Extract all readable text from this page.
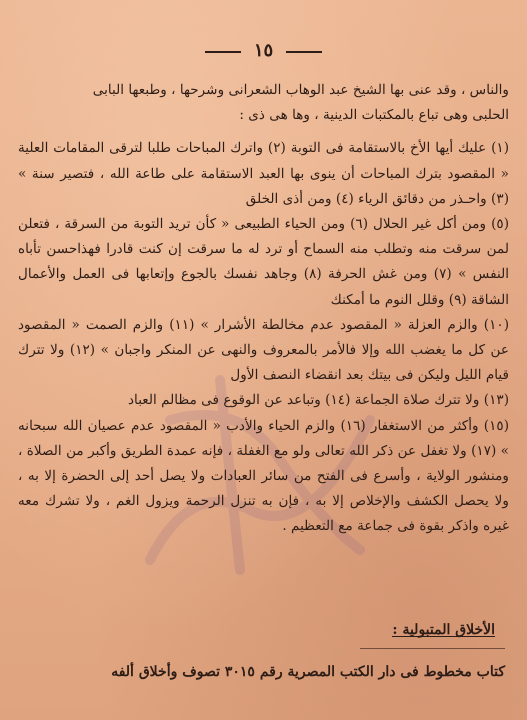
١٥

والناس ، وقد عنى بها الشيخ عبد الوهاب الشعرانى وشرحها ، وطبعها البابى

الحلبى وهى تباع بالمكتبات الدينية ، وها هى ذى :

(١) عليك أيها الأخ بالاستقامة فى التوبة (٢) واترك المباحات طلبا لترقى المقامات العلية « المقصود بترك المباحات أن ينوى بها العبد الاستقامة على طاعة الله ، فتصير سنة » (٣) واحـذر من دقائق الرياء (٤) ومن أذى الخلق

(٥) ومن أكل غير الحلال (٦) ومن الحياء الطبيعى « كأن تريد التوبة من السرقة ، فتعلن لمن سرقت منه وتطلب منه السماح أو ترد له ما سرقت إن كنت قادرا فهذاحسن تأباه النفس » (٧) ومن غش الحرفة (٨) وجاهد نفسك بالجوع وإتعابها فى العمل والأعمال الشاقة (٩) وقلل النوم ما أمكنك

(١٠) والزم العزلة « المقصود عدم مخالطة الأشرار » (١١) والزم الصمت « المقصود عن كل ما يغضب الله وإلا فالأمر بالمعروف والنهى عن المنكر واجبان » (١٢) ولا تترك قيام الليل وليكن فى بيتك بعد انقضاء النصف الأول

(١٣) ولا تترك صلاة الجماعة (١٤) وتباعد عن الوقوع فى مظالم العباد

(١٥) وأكثر من الاستغفار (١٦) والزم الحياء والأدب « المقصود عدم عصيان الله سبحانه » (١٧) ولا تغفل عن ذكر الله تعالى ولو مع الغفلة ، فإنه عمدة الطريق وأكبر من الصلاة ، ومنشور الولاية ، وأسرع فى الفتح من سائر العبادات ولا يصل أحد إلى الحضرة إلا به ، ولا يحصل الكشف والإخلاص إلا به ، فإن به تنزل الرحمة ويزول الغم ، ولا تشرك معه غيره واذكر بقوة فى جماعة مع التعظيم .

الأخلاق المتبولية :
كتاب مخطوط فى دار الكتب المصرية رقم ٣٠١٥ تصوف وأخلاق ألفه
